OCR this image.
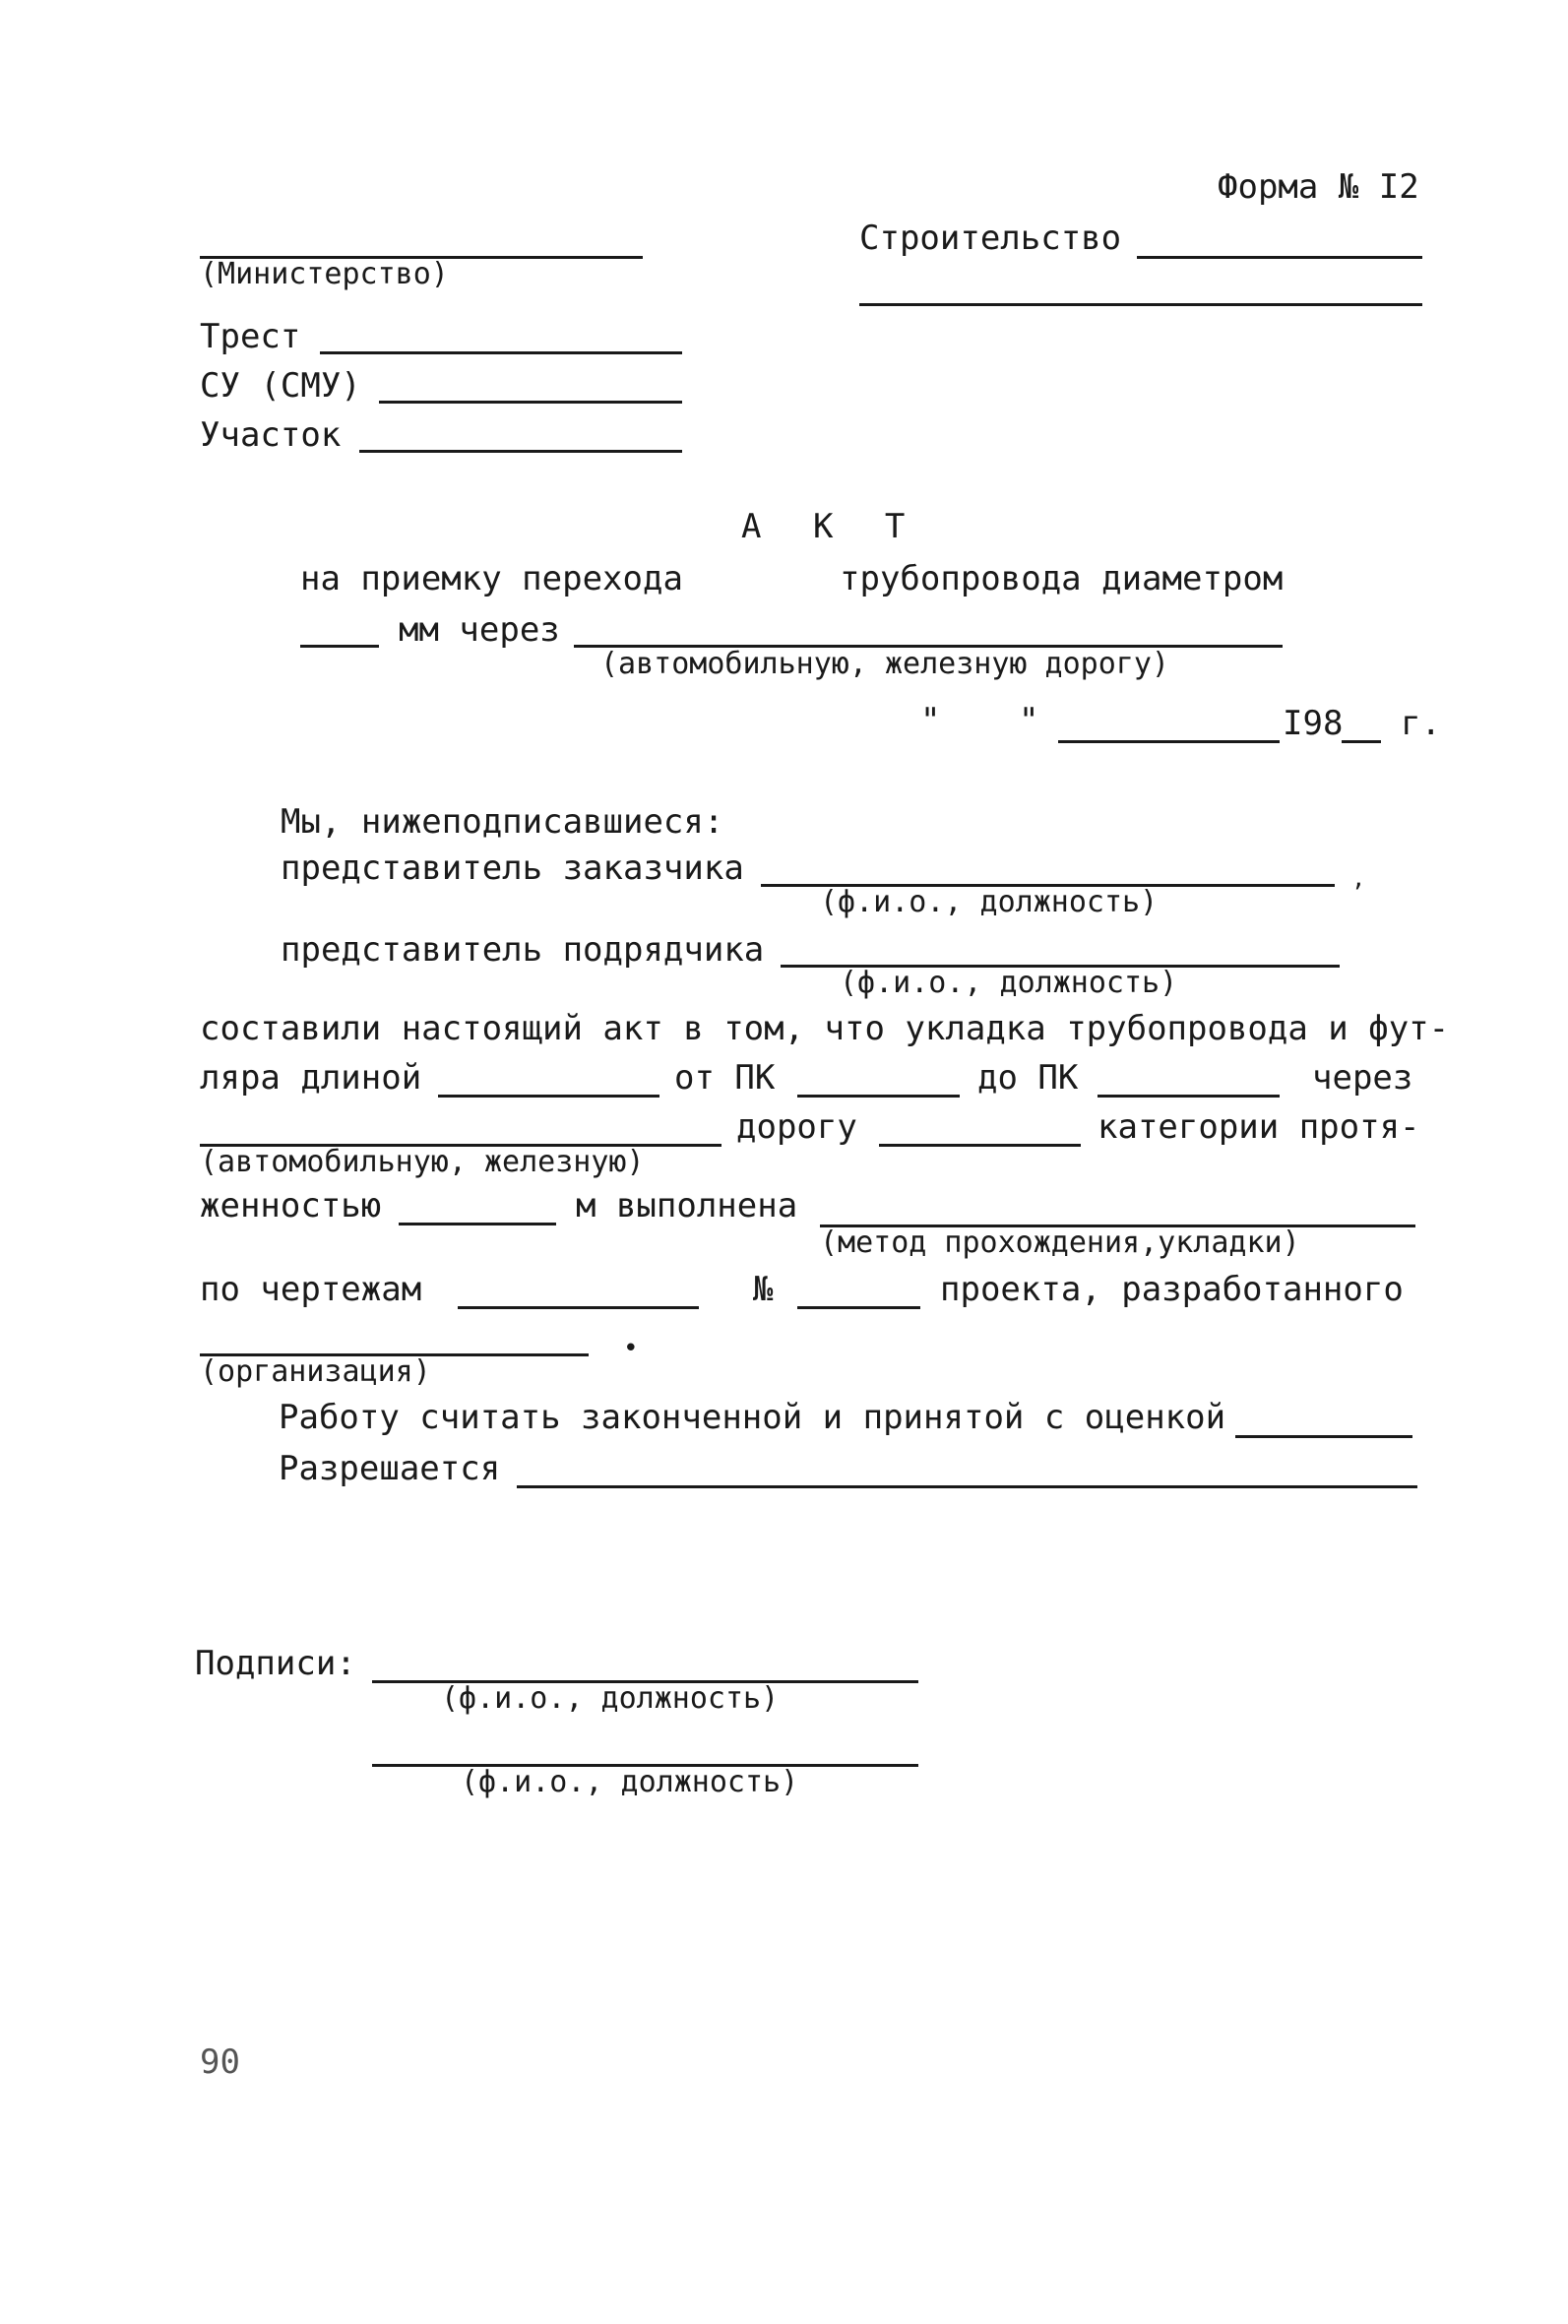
Форма № I2
(Министерство)
Строительство
Трест
СУ (СМУ)
Участок
А К Т
на приемку перехода	трубопровода диаметром
мм через
(автомобильную, железную дорогу)
" "	I98 г.
Мы, нижеподписавшиеся:
представитель заказчика	,
(ф.и.о., должность)
представитель подрядчика
(ф.и.о., должность)
составили настоящий акт в том, что укладка трубопровода и фут-
ляра длиной	от ПК	до ПК	через
(автомобильную, железную)
дорогу	категории протя-
женностью	м выполнена
(метод прохождения,укладки)
по чертежам	№	проекта, разработанного
(организация)
•
Работу считать законченной и принятой с оценкой
Разрешается
Подписи:
(ф.и.о., должность)
(ф.и.о., должность)
90
